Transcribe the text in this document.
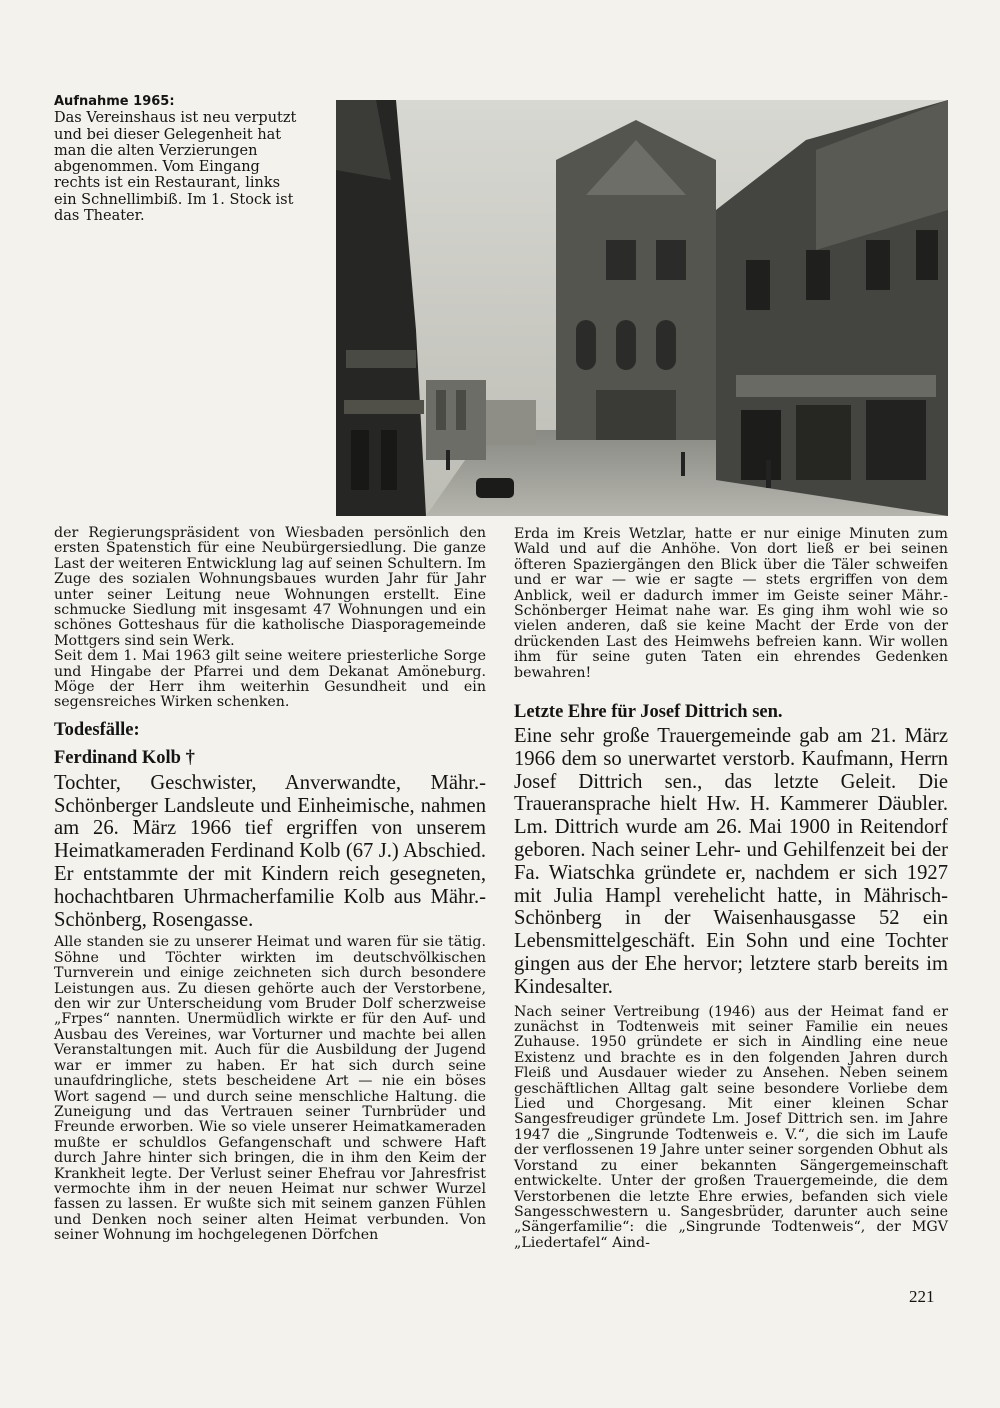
Aufnahme 1965:
Das Vereinshaus ist neu verputzt und bei dieser Gelegenheit hat man die alten Verzierungen abgenommen. Vom Eingang rechts ist ein Restaurant, links ein Schnellimbiß. Im 1. Stock ist das Theater.

der Regierungspräsident von Wiesbaden persönlich den ersten Spatenstich für eine Neubürgersiedlung. Die ganze Last der weiteren Entwicklung lag auf seinen Schultern. Im Zuge des sozialen Wohnungsbaues wurden Jahr für Jahr unter seiner Leitung neue Wohnungen erstellt. Eine schmucke Siedlung mit insgesamt 47 Wohnungen und ein schönes Gotteshaus für die katholische Diasporagemeinde Mottgers sind sein Werk.

Seit dem 1. Mai 1963 gilt seine weitere priesterliche Sorge und Hingabe der Pfarrei und dem Dekanat Amöneburg. Möge der Herr ihm weiterhin Gesundheit und ein segensreiches Wirken schenken.

Todesfälle:
Ferdinand Kolb †

Tochter, Geschwister, Anverwandte, Mähr.-Schönberger Landsleute und Einheimische, nahmen am 26. März 1966 tief ergriffen von unserem Heimatkameraden Ferdinand Kolb (67 J.) Abschied. Er entstammte der mit Kindern reich gesegneten, hochachtbaren Uhrmacherfamilie Kolb aus Mähr.-Schönberg, Rosengasse.

Alle standen sie zu unserer Heimat und waren für sie tätig. Söhne und Töchter wirkten im deutschvölkischen Turnverein und einige zeichneten sich durch besondere Leistungen aus. Zu diesen gehörte auch der Verstorbene, den wir zur Unterscheidung vom Bruder Dolf scherzweise „Frpes“ nannten. Unermüdlich wirkte er für den Auf- und Ausbau des Vereines, war Vorturner und machte bei allen Veranstaltungen mit. Auch für die Ausbildung der Jugend war er immer zu haben. Er hat sich durch seine unaufdringliche, stets bescheidene Art — nie ein böses Wort sagend — und durch seine menschliche Haltung. die Zuneigung und das Vertrauen seiner Turnbrüder und Freunde erworben. Wie so viele unserer Heimatkameraden mußte er schuldlos Gefangenschaft und schwere Haft durch Jahre hinter sich bringen, die in ihm den Keim der Krankheit legte. Der Verlust seiner Ehefrau vor Jahresfrist vermochte ihm in der neuen Heimat nur schwer Wurzel fassen zu lassen. Er wußte sich mit seinem ganzen Fühlen und Denken noch seiner alten Heimat verbunden. Von seiner Wohnung im hochgelegenen Dörfchen

Erda im Kreis Wetzlar, hatte er nur einige Minuten zum Wald und auf die Anhöhe. Von dort ließ er bei seinen öfteren Spaziergängen den Blick über die Täler schweifen und er war — wie er sagte — stets ergriffen von dem Anblick, weil er dadurch immer im Geiste seiner Mähr.-Schönberger Heimat nahe war. Es ging ihm wohl wie so vielen anderen, daß sie keine Macht der Erde von der drückenden Last des Heimwehs befreien kann. Wir wollen ihm für seine guten Taten ein ehrendes Gedenken bewahren!

Letzte Ehre für Josef Dittrich sen.

Eine sehr große Trauergemeinde gab am 21. März 1966 dem so unerwartet verstorb. Kaufmann, Herrn Josef Dittrich sen., das letzte Geleit. Die Traueransprache hielt Hw. H. Kammerer Däubler. Lm. Dittrich wurde am 26. Mai 1900 in Reitendorf geboren. Nach seiner Lehr- und Gehilfenzeit bei der Fa. Wiatschka gründete er, nachdem er sich 1927 mit Julia Hampl verehelicht hatte, in Mährisch-Schönberg in der Waisenhausgasse 52 ein Lebensmittelgeschäft. Ein Sohn und eine Tochter gingen aus der Ehe hervor; letztere starb bereits im Kindesalter.

Nach seiner Vertreibung (1946) aus der Heimat fand er zunächst in Todtenweis mit seiner Familie ein neues Zuhause. 1950 gründete er sich in Aindling eine neue Existenz und brachte es in den folgenden Jahren durch Fleiß und Ausdauer wieder zu Ansehen. Neben seinem geschäftlichen Alltag galt seine besondere Vorliebe dem Lied und Chorgesang. Mit einer kleinen Schar Sangesfreudiger gründete Lm. Josef Dittrich sen. im Jahre 1947 die „Singrunde Todtenweis e. V.“, die sich im Laufe der verflossenen 19 Jahre unter seiner sorgenden Obhut als Vorstand zu einer bekannten Sängergemeinschaft entwickelte. Unter der großen Trauergemeinde, die dem Verstorbenen die letzte Ehre erwies, befanden sich viele Sangesschwestern u. Sangesbrüder, darunter auch seine „Sängerfamilie“: die „Singrunde Todtenweis“, der MGV „Liedertafel“ Aind-

221
